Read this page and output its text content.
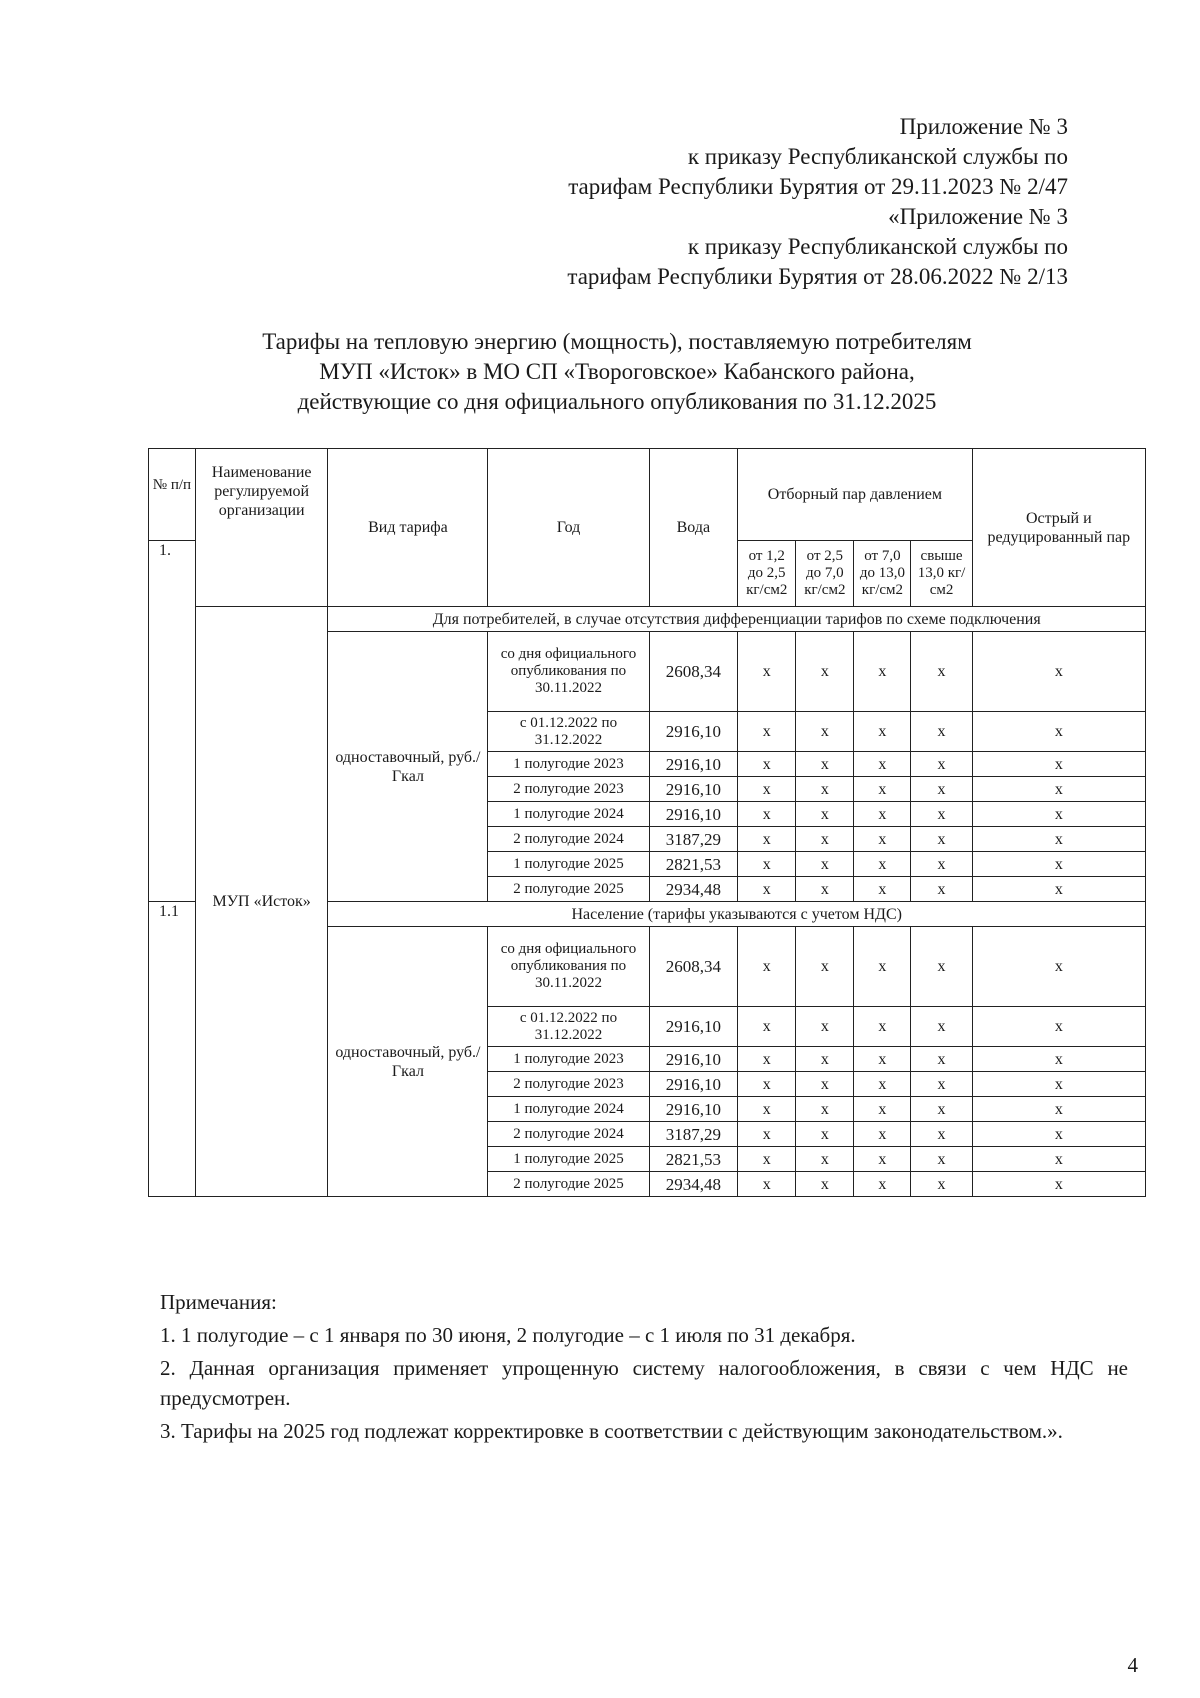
Приложение № 3
к приказу Республиканской службы по
тарифам Республики Бурятия от 29.11.2023 № 2/47
«Приложение № 3
к приказу Республиканской службы по
тарифам Республики Бурятия от 28.06.2022 № 2/13
Тарифы на тепловую энергию (мощность), поставляемую потребителям
МУП «Исток» в МО СП «Твороговское» Кабанского района,
действующие со дня официального опубликования по 31.12.2025
№ п/п	Наименование регулируемой организации	Вид тарифа	Год	Вода	Отборный пар давлением				Острый и редуцированный пар
1.					от 1,2 до 2,5 кг/см2	от 2,5 до 7,0 кг/см2	от 7,0 до 13,0 кг/см2	свыше 13,0 кг/см2	
	МУП «Исток»	Для потребителей, в случае отсутствия дифференциации тарифов по схеме подключения							
		одноставочный, руб./Гкал	со дня официального опубликования по 30.11.2022	2608,34	х	х	х	х	х
			с 01.12.2022 по 31.12.2022	2916,10	х	х	х	х	х
			1 полугодие 2023	2916,10	х	х	х	х	х
			2 полугодие 2023	2916,10	х	х	х	х	х
			1 полугодие 2024	2916,10	х	х	х	х	х
			2 полугодие 2024	3187,29	х	х	х	х	х
			1 полугодие 2025	2821,53	х	х	х	х	х
			2 полугодие 2025	2934,48	х	х	х	х	х
1.1		Население (тарифы указываются с учетом НДС)							
		одноставочный, руб./Гкал	со дня официального опубликования по 30.11.2022	2608,34	х	х	х	х	х
			с 01.12.2022 по 31.12.2022	2916,10	х	х	х	х	х
			1 полугодие 2023	2916,10	х	х	х	х	х
			2 полугодие 2023	2916,10	х	х	х	х	х
			1 полугодие 2024	2916,10	х	х	х	х	х
			2 полугодие 2024	3187,29	х	х	х	х	х
			1 полугодие 2025	2821,53	х	х	х	х	х
			2 полугодие 2025	2934,48	х	х	х	х	х

Примечания:

1. 1 полугодие – с 1 января по 30 июня, 2 полугодие – с 1 июля по 31 декабря.

2. Данная организация применяет упрощенную систему налогообложения, в связи с чем НДС не предусмотрен.

3. Тарифы на 2025 год подлежат корректировке в соответствии с действующим законодательством.».

4
